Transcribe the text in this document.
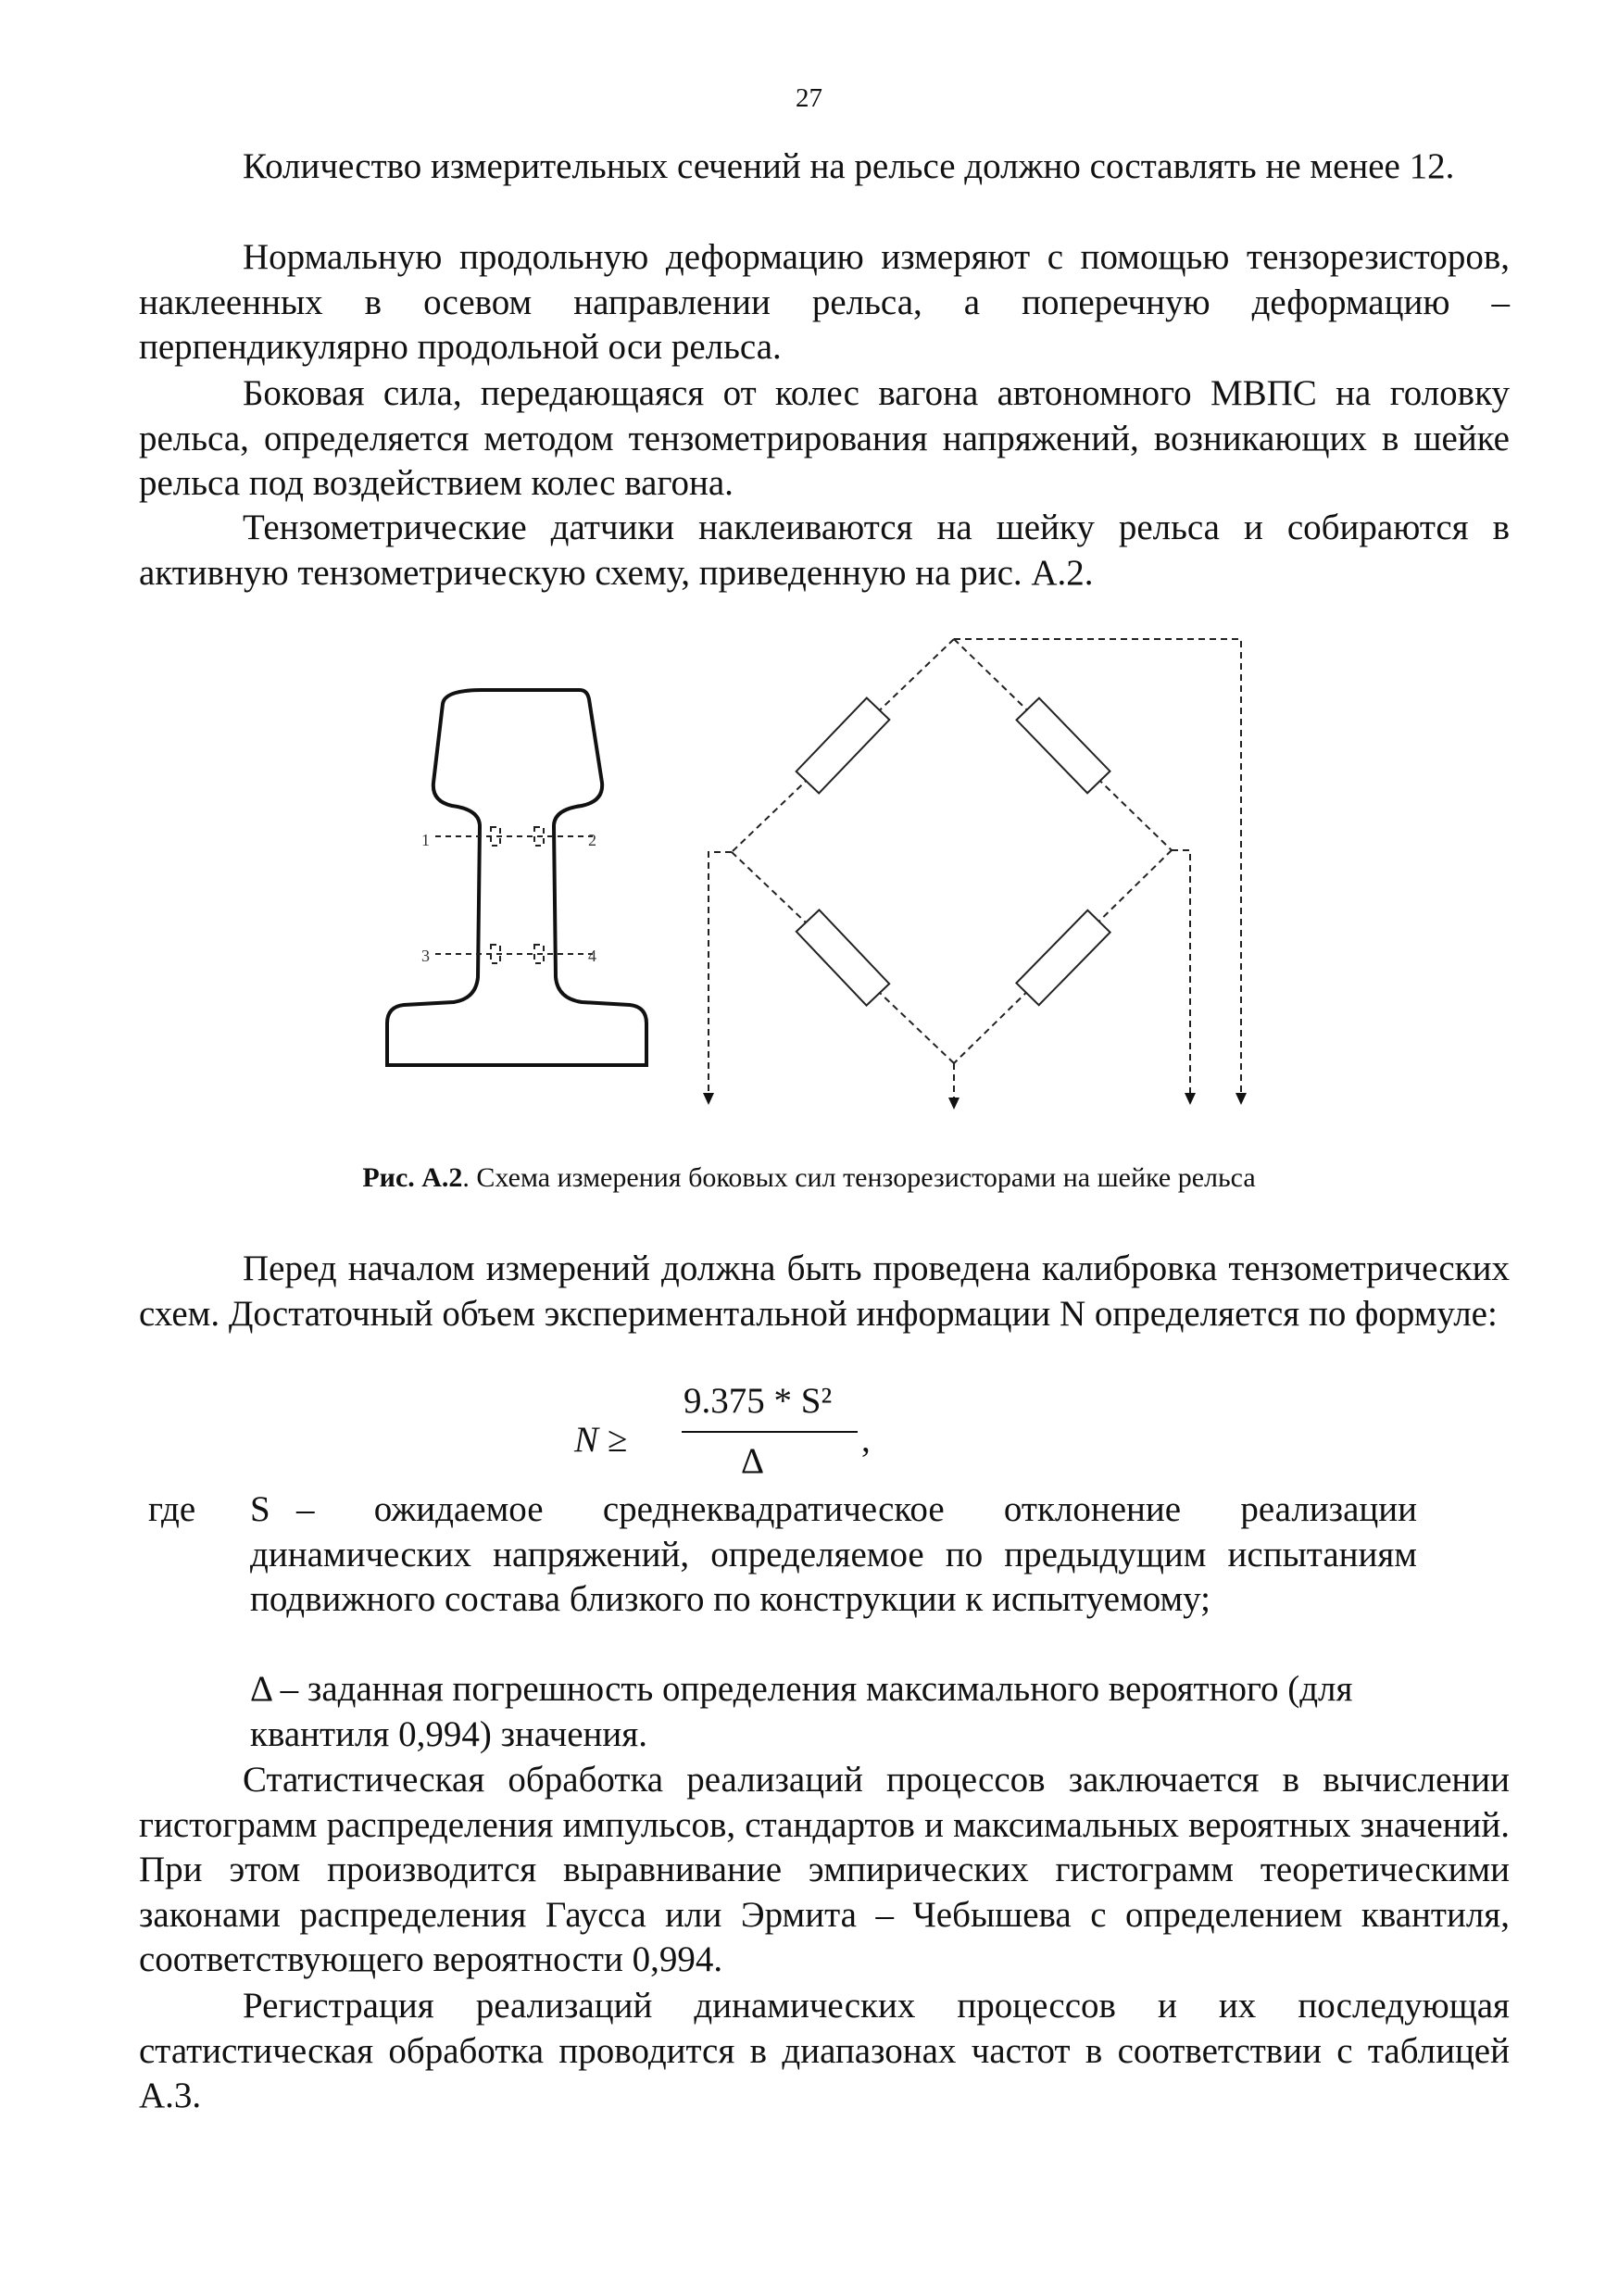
27

Количество измерительных сечений на рельсе должно составлять не менее 12.

Нормальную продольную деформацию измеряют с помощью тензорезисторов, наклеенных в осевом направлении рельса, а поперечную деформацию – перпендикулярно продольной оси рельса.

Боковая сила, передающаяся от колес вагона автономного МВПС на головку рельса, определяется методом тензометрирования напряжений, возникающих в шейке рельса под воздействием колес вагона.

Тензометрические датчики наклеиваются на шейку рельса и собираются в активную тензометрическую схему, приведенную на рис. А.2.

1	2
3	4
Рис. А.2. Схема измерения боковых сил тензорезисторами на шейке рельса

Перед началом измерений должна быть проведена калибровка тензометрических схем. Достаточный объем экспериментальной информации N определяется по формуле:

N ≥
9.375 * S²
Δ
,
где S – ожидаемое среднеквадратическое отклонение реализации динамических напряжений, определяемое по предыдущим испытаниям подвижного состава близкого по конструкции к испытуемому;

Δ – заданная погрешность определения максимального вероятного (для квантиля 0,994) значения.

Статистическая обработка реализаций процессов заключается в вычислении гистограмм распределения импульсов, стандартов и максимальных вероятных значений. При этом производится выравнивание эмпирических гистограмм теоретическими законами распределения Гаусса или Эрмита – Чебышева с определением квантиля, соответствующего вероятности 0,994.

Регистрация реализаций динамических процессов и их последующая статистическая обработка проводится в диапазонах частот в соответствии с таблицей А.3.
